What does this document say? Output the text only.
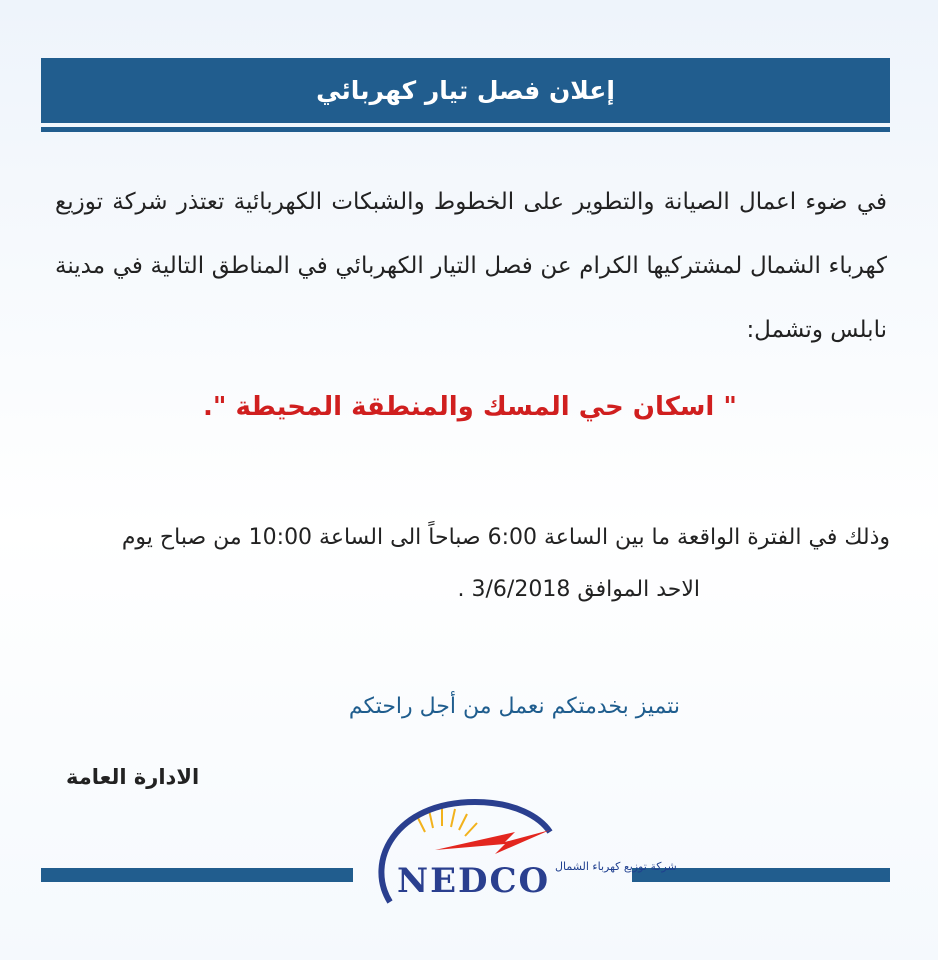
إعلان فصل تيار كهربائي
في ضوء اعمال الصيانة والتطوير على الخطوط والشبكات الكهربائية تعتذر شركة توزيع كهرباء الشمال لمشتركيها الكرام عن فصل التيار الكهربائي في المناطق التالية في مدينة نابلس وتشمل:
" اسكان حي المسك والمنطقة المحيطة ".
وذلك في الفترة الواقعة ما بين الساعة 6:00 صباحاً الى الساعة 10:00 من صباح يوم
الاحد الموافق 3/6/2018 .
نتميز بخدمتكم نعمل من أجل راحتكم
الادارة العامة
شركة توزيع كهرباء الشمال
NEDCO
